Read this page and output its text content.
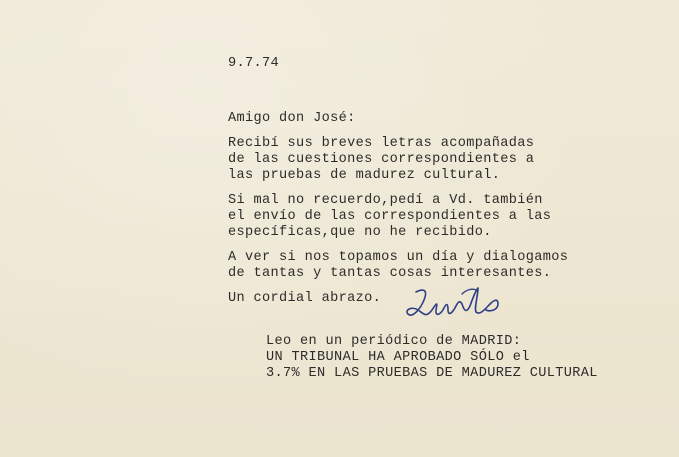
9.7.74
Amigo don José:
Recibí sus breves letras acompañadas
de las cuestiones correspondientes a
las pruebas de madurez cultural.
Si mal no recuerdo,pedí a Vd. también
el envío de las correspondientes a las
específicas,que no he recibido.
A ver si nos topamos un día y dialogamos
de tantas y tantas cosas interesantes.
Un cordial abrazo.
Leo en un periódico de MADRID:
UN TRIBUNAL HA APROBADO SÓLO el
3.7% EN LAS PRUEBAS DE MADUREZ CULTURAL
